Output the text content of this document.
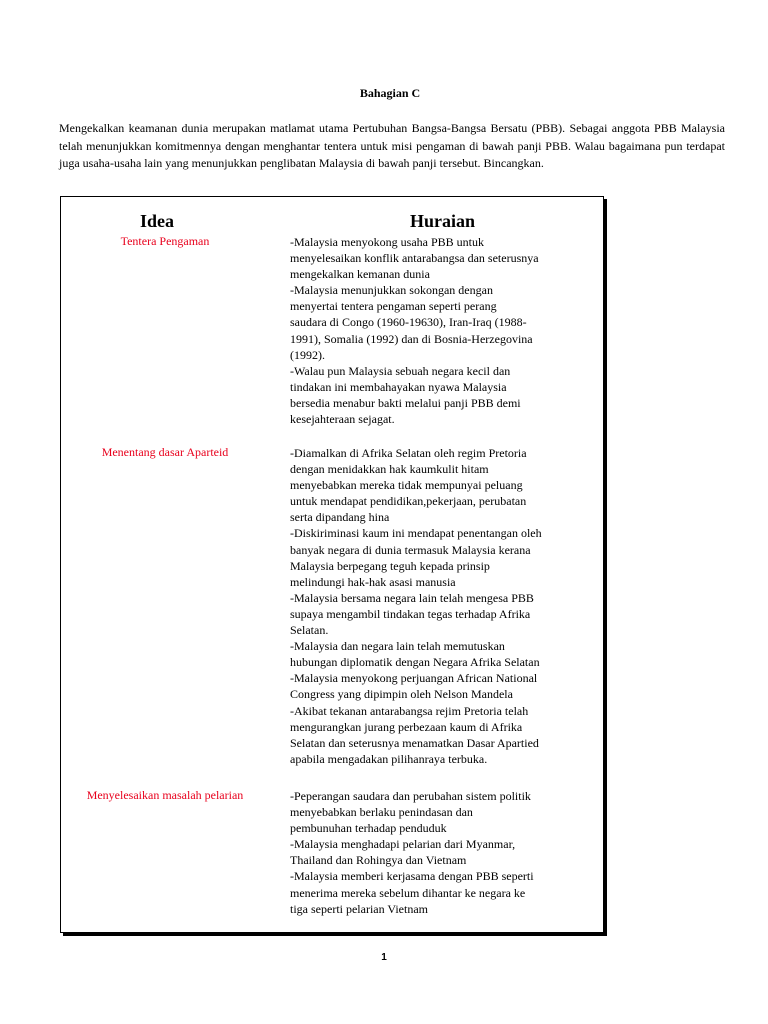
Bahagian C

Mengekalkan keamanan dunia merupakan matlamat utama Pertubuhan Bangsa-Bangsa Bersatu (PBB). Sebagai anggota PBB Malaysia telah menunjukkan komitmennya dengan menghantar tentera untuk misi pengaman di bawah panji PBB. Walau bagaimana pun terdapat juga usaha-usaha lain yang menunjukkan penglibatan Malaysia di bawah panji tersebut. Bincangkan.

Idea	Huraian
Tentera Pengaman	-Malaysia menyokong usaha PBB untuk
menyelesaikan konflik antarabangsa dan seterusnya
mengekalkan kemanan dunia
-Malaysia menunjukkan sokongan dengan
menyertai tentera pengaman seperti perang
saudara di Congo (1960-19630), Iran-Iraq (1988-
1991), Somalia (1992) dan di Bosnia-Herzegovina
(1992).
-Walau pun Malaysia sebuah negara kecil dan
tindakan ini membahayakan nyawa Malaysia
bersedia menabur bakti melalui panji PBB demi
kesejahteraan sejagat.
Menentang dasar Aparteid	-Diamalkan di Afrika Selatan oleh regim Pretoria
dengan menidakkan hak kaumkulit hitam
menyebabkan mereka tidak mempunyai peluang
untuk mendapat pendidikan,pekerjaan, perubatan
serta dipandang hina
-Diskiriminasi kaum ini mendapat penentangan oleh
banyak negara di dunia termasuk Malaysia kerana
Malaysia berpegang teguh kepada prinsip
melindungi hak-hak asasi manusia
-Malaysia bersama negara lain telah mengesa PBB
supaya mengambil tindakan tegas terhadap Afrika
Selatan.
-Malaysia dan negara lain telah memutuskan
hubungan diplomatik dengan Negara Afrika Selatan
-Malaysia menyokong perjuangan African National
Congress yang dipimpin oleh Nelson Mandela
-Akibat tekanan antarabangsa rejim Pretoria telah
mengurangkan jurang perbezaan kaum di Afrika
Selatan dan seterusnya menamatkan Dasar Apartied
apabila mengadakan pilihanraya terbuka.
Menyelesaikan masalah pelarian	-Peperangan saudara dan perubahan sistem politik
menyebabkan berlaku penindasan dan
pembunuhan terhadap penduduk
-Malaysia menghadapi pelarian dari Myanmar,
Thailand dan Rohingya dan Vietnam
-Malaysia memberi kerjasama dengan PBB seperti
menerima mereka sebelum dihantar ke negara ke
tiga seperti pelarian Vietnam
1
